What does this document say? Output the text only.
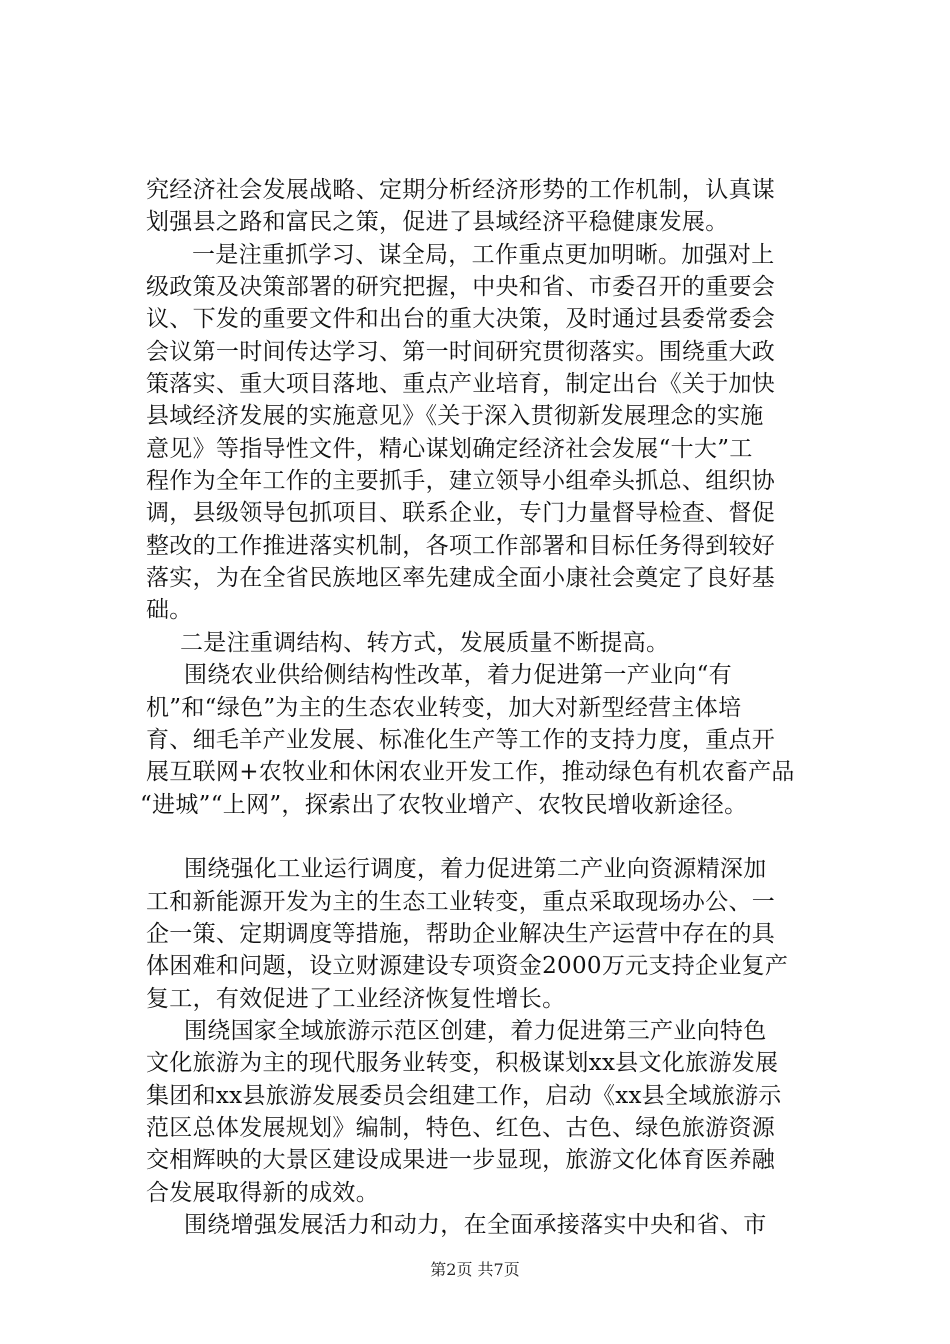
究经济社会发展战略、定期分析经济形势的工作机制，认真谋
划强县之路和富民之策，促进了县域经济平稳健康发展。
一是注重抓学习、谋全局，工作重点更加明晰。加强对上
级政策及决策部署的研究把握，中央和省、市委召开的重要会
议、下发的重要文件和出台的重大决策，及时通过县委常委会
会议第一时间传达学习、第一时间研究贯彻落实。围绕重大政
策落实、重大项目落地、重点产业培育，制定出台《关于加快
县域经济发展的实施意见》《关于深入贯彻新发展理念的实施
意见》等指导性文件，精心谋划确定经济社会发展“十大”工
程作为全年工作的主要抓手，建立领导小组牵头抓总、组织协
调，县级领导包抓项目、联系企业，专门力量督导检查、督促
整改的工作推进落实机制，各项工作部署和目标任务得到较好
落实，为在全省民族地区率先建成全面小康社会奠定了良好基
础。
二是注重调结构、转方式，发展质量不断提高。
围绕农业供给侧结构性改革，着力促进第一产业向“有
机”和“绿色”为主的生态农业转变，加大对新型经营主体培
育、细毛羊产业发展、标准化生产等工作的支持力度，重点开
展互联网+农牧业和休闲农业开发工作，推动绿色有机农畜产品
“进城”“上网”，探索出了农牧业增产、农牧民增收新途径。
围绕强化工业运行调度，着力促进第二产业向资源精深加
工和新能源开发为主的生态工业转变，重点采取现场办公、一
企一策、定期调度等措施，帮助企业解决生产运营中存在的具
体困难和问题，设立财源建设专项资金2000万元支持企业复产
复工，有效促进了工业经济恢复性增长。
围绕国家全域旅游示范区创建，着力促进第三产业向特色
文化旅游为主的现代服务业转变，积极谋划xx县文化旅游发展
集团和xx县旅游发展委员会组建工作，启动《xx县全域旅游示
范区总体发展规划》编制，特色、红色、古色、绿色旅游资源
交相辉映的大景区建设成果进一步显现，旅游文化体育医养融
合发展取得新的成效。
围绕增强发展活力和动力，在全面承接落实中央和省、市
第2页 共7页
